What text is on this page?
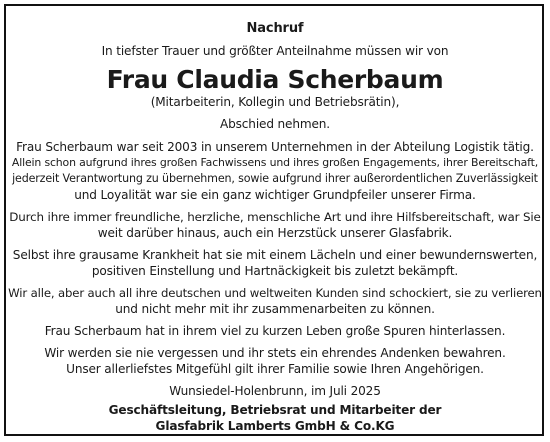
Nachruf
In tiefster Trauer und größter Anteilnahme müssen wir von
Frau Claudia Scherbaum
(Mitarbeiterin, Kollegin und Betriebsrätin),
Abschied nehmen.
Frau Scherbaum war seit 2003 in unserem Unternehmen in der Abteilung Logistik tätig.
Allein schon aufgrund ihres großen Fachwissens und ihres großen Engagements, ihrer Bereitschaft,
jederzeit Verantwortung zu übernehmen, sowie aufgrund ihrer außerordentlichen Zuverlässigkeit
und Loyalität war sie ein ganz wichtiger Grundpfeiler unserer Firma.
Durch ihre immer freundliche, herzliche, menschliche Art und ihre Hilfsbereitschaft, war Sie
weit darüber hinaus, auch ein Herzstück unserer Glasfabrik.
Selbst ihre grausame Krankheit hat sie mit einem Lächeln und einer bewundernswerten,
positiven Einstellung und Hartnäckigkeit bis zuletzt bekämpft.
Wir alle, aber auch all ihre deutschen und weltweiten Kunden sind schockiert, sie zu verlieren
und nicht mehr mit ihr zusammenarbeiten zu können.
Frau Scherbaum hat in ihrem viel zu kurzen Leben große Spuren hinterlassen.
Wir werden sie nie vergessen und ihr stets ein ehrendes Andenken bewahren.
Unser allerliefstes Mitgefühl gilt ihrer Familie sowie Ihren Angehörigen.
Wunsiedel-Holenbrunn, im Juli 2025
Geschäftsleitung, Betriebsrat und Mitarbeiter der
Glasfabrik Lamberts GmbH & Co.KG
